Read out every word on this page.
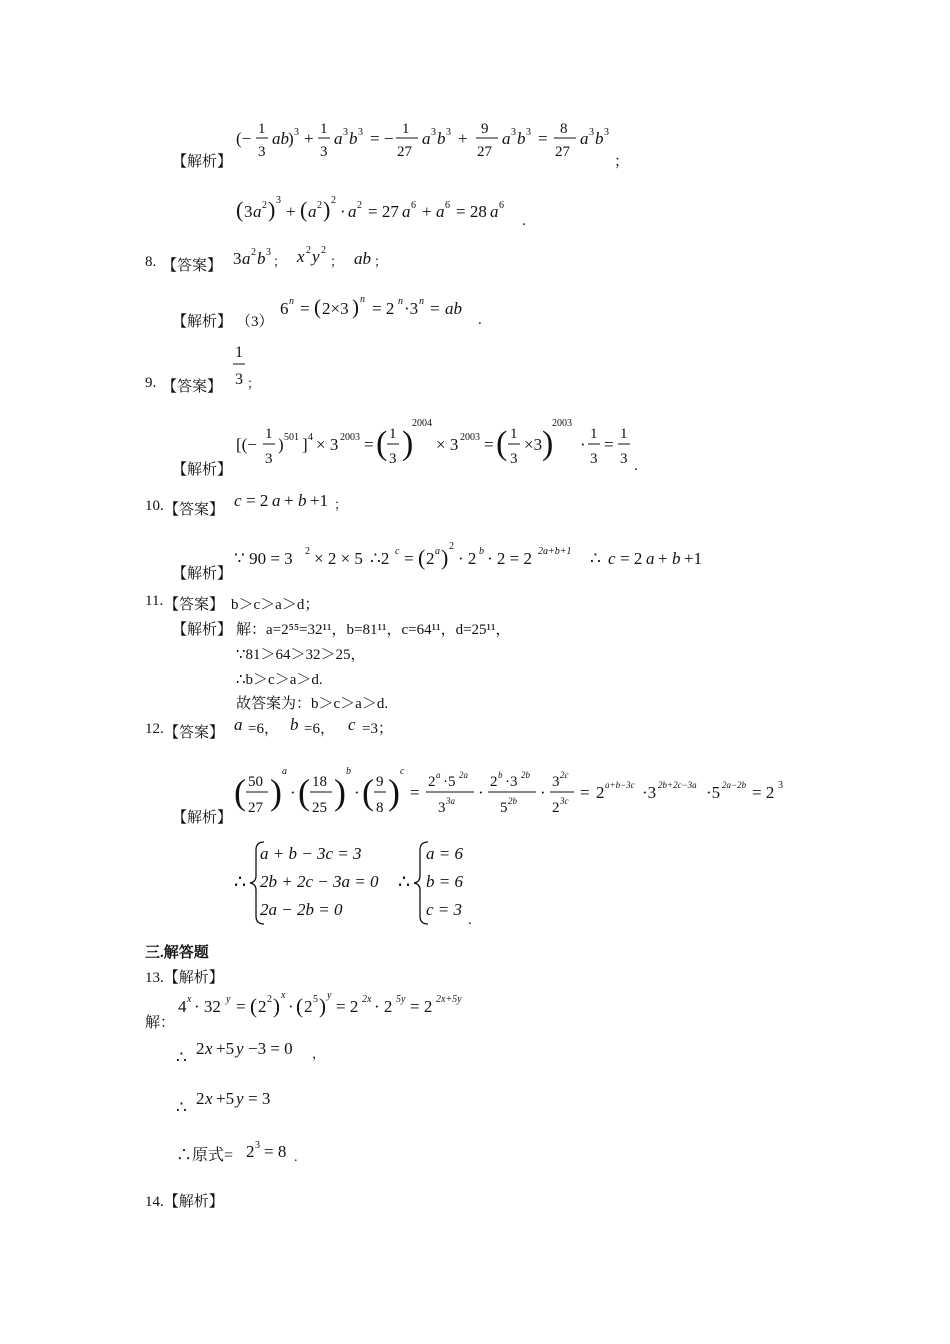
【解析】
(− 1
3
ab ) 3 + 1
3
a 3 b 3 = − 1
27
a 3 b 3 + 9
27
a 3 b 3 = 8
27
a 3 b 3
；
( 3 a 2 ) 3
+ ( a 2 ) 2
· a 2 = 27 a 6 + a 6 = 28 a 6
.
8. 【答案】 3 a 2 b 3
； x 2 y 2
； ab ；
【解析】 （3）
6 n = ( 2×3 ) n = 2 n ·3 n = ab
.
9. 【答案】
1
3 ；
【解析】
[(−
1
3
) 501 ] 4 × 3 2003 = ( 1
3 )
2004
× 3 2003 = ( 1
3
×3 )
2003
·
1
3
=
1
3 .
10. 【答案】 c = 2 a + b +1 ；
【解析】
∵ 90 = 3 2 × 2 × 5 ∴2 c = ( 2 a ) 2
· 2 b · 2 = 2 2a+b+1 ∴ c = 2 a + b +1
11. 【答案】 b＞c＞a＞d；
【解析】 解：a=2⁵⁵=32¹¹，b=81¹¹，c=64¹¹，d=25¹¹，
∵81＞64＞32＞25，
∴b＞c＞a＞d.
故答案为：b＞c＞a＞d.
12. 【答案】 a =6， b =6， c =3；
【解析】
( 50
27 )
a
· ( 18
25 )
b
· ( 9
8 )
c
=
2 a ·5 2a
3 3a ·
2 b ·3 2b
5 2b ·
3 2c
2 3c = 2 a+b−3c ·3 2b+2c−3a ·5 2a−2b = 2 3
∴
a + b − 3c = 3
2b + 2c − 3a = 0
2a − 2b = 0
∴
a = 6
b = 6
c = 3
.
三.解答题
13.【解析】
解：
4 x · 32 y = ( 2 2 ) x
· ( 2 5 ) y
= 2 2x · 2 5y = 2 2x+5y
∴ 2 x +5 y −3 = 0 ，
∴ 2 x +5 y = 3
∴原式= 2 3 = 8 .
14.【解析】
